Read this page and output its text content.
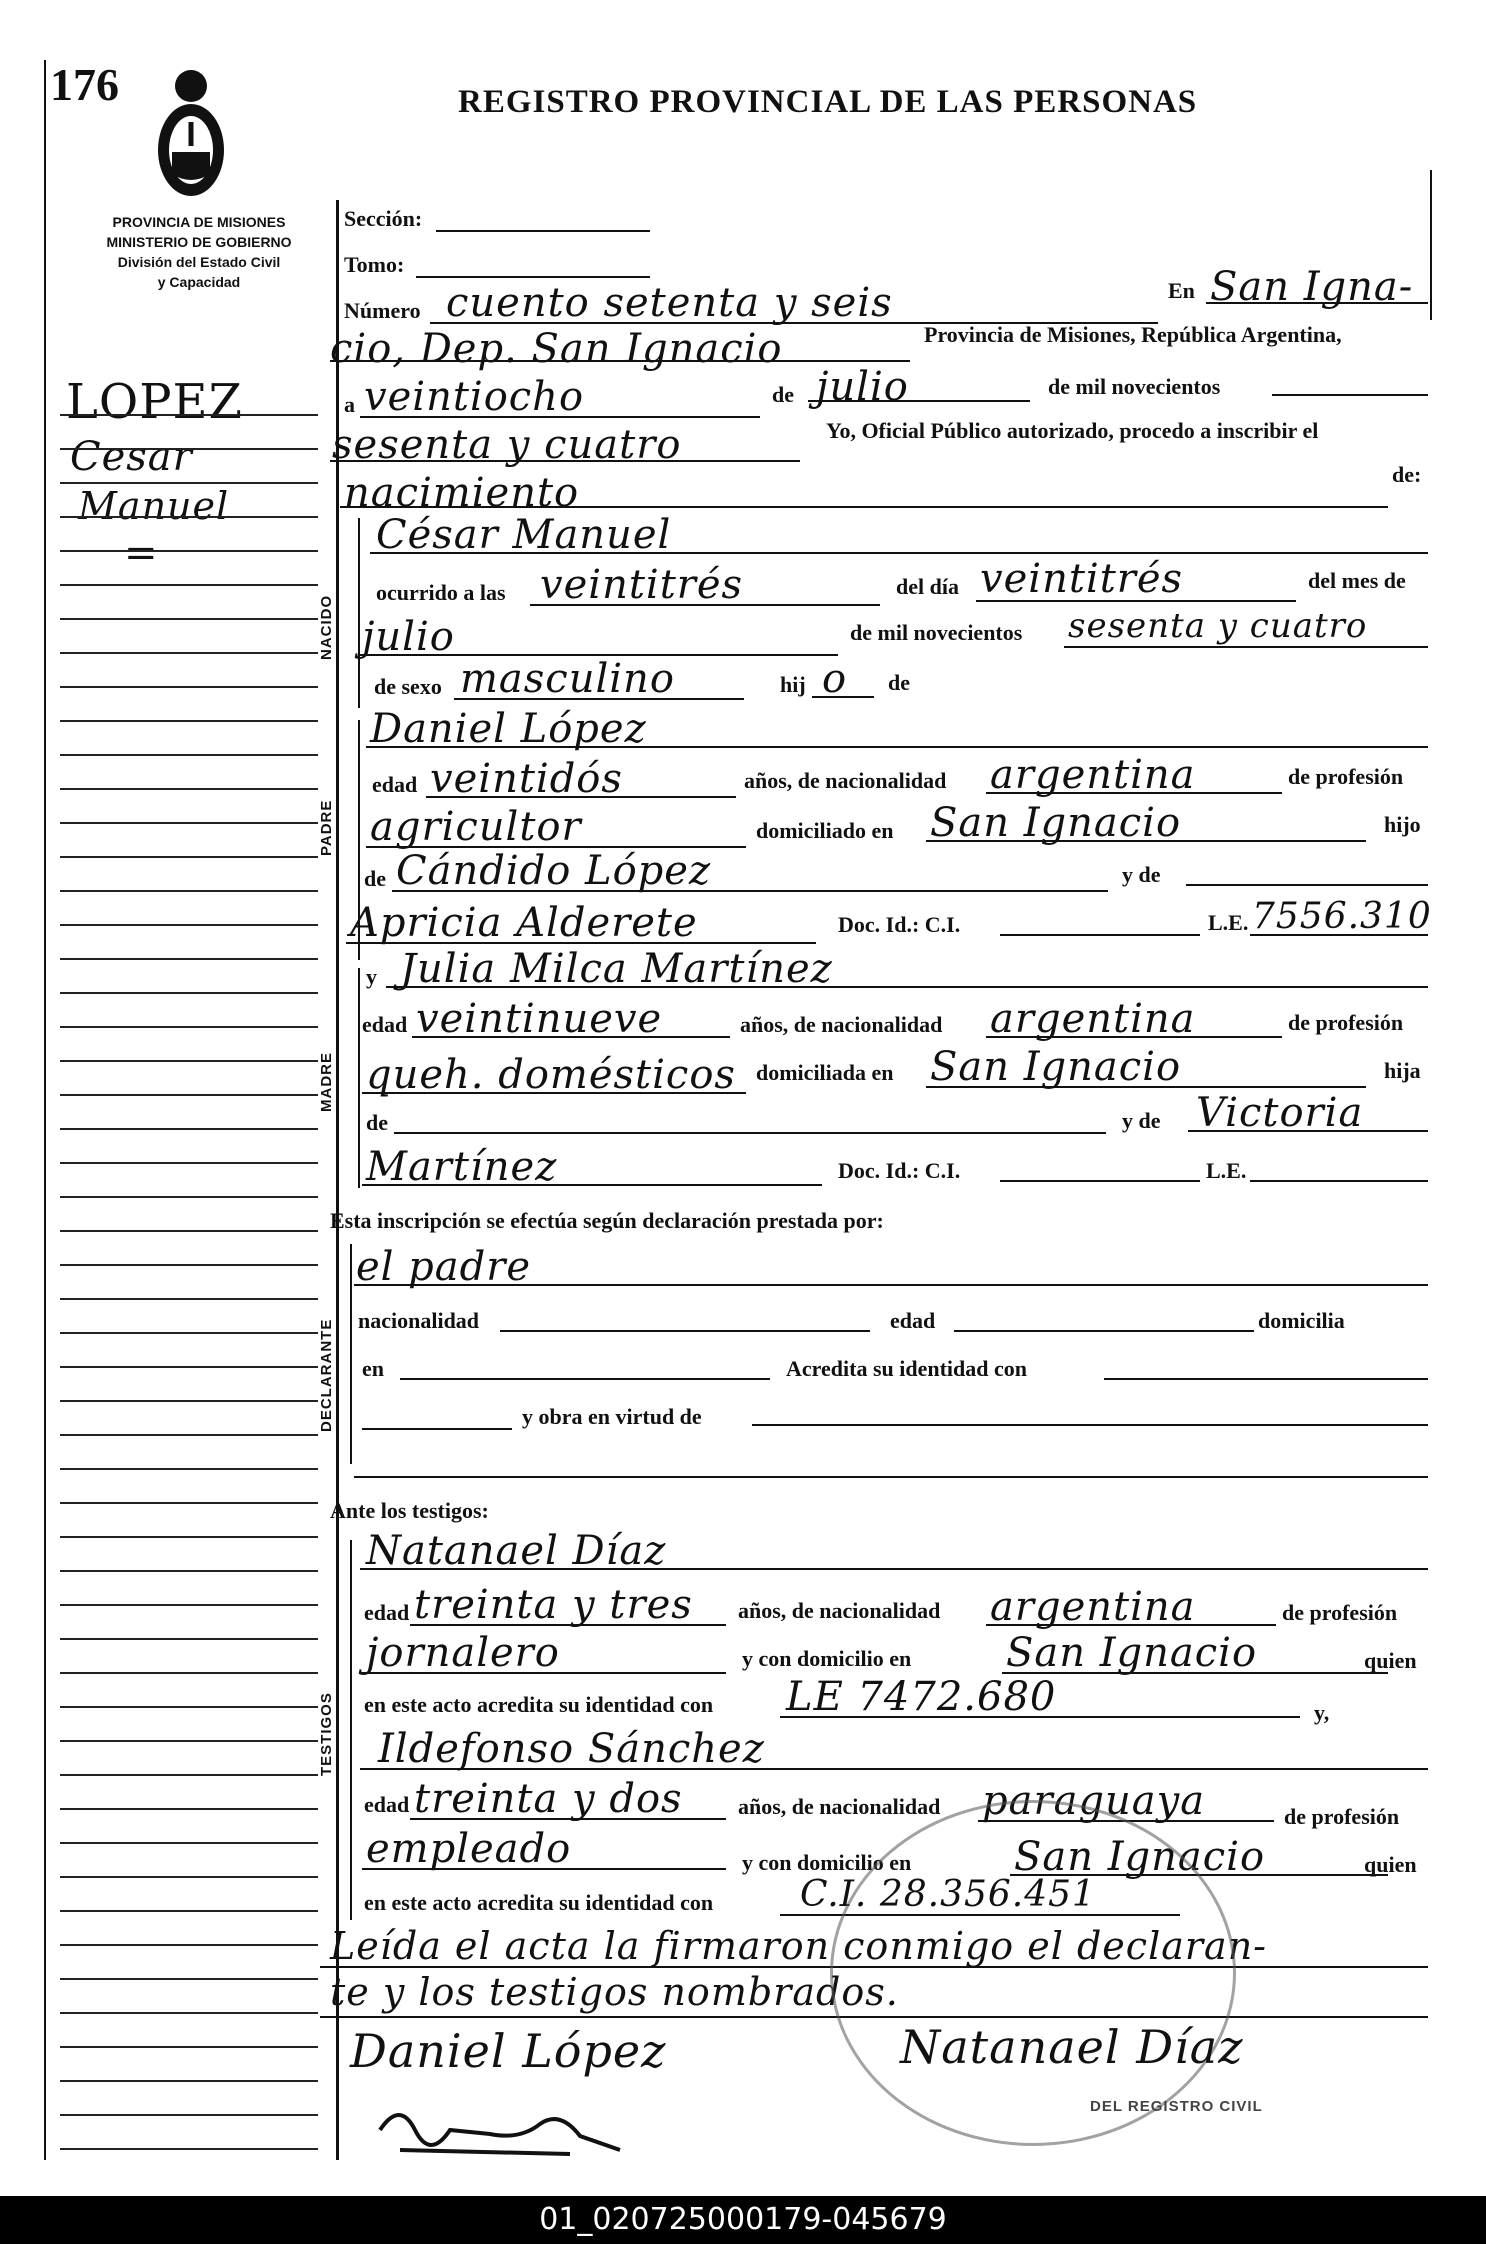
176	REGISTRO PROVINCIAL DE LAS PERSONAS
PROVINCIA DE MISIONES
MINISTERIO DE GOBIERNO
División del Estado Civil
y Capacidad
LOPEZ
Cesar
Manuel
=
Sección:
Tomo:
Número cuento setenta y seis	En San Igna-
cio, Dep. San Ignacio	Provincia de Misiones, República Argentina,
a veintiocho	de julio	de mil novecientos
sesenta y cuatro	Yo, Oficial Público autorizado, procedo a inscribir el
nacimiento	de:
NACIDO
César Manuel
ocurrido a las veintitrés	del día veintitrés	del mes de
julio	de mil novecientos sesenta y cuatro
de sexo masculino	hij o de
PADRE
Daniel López
edad veintidós	años, de nacionalidad argentina	de profesión
agricultor	domiciliado en San Ignacio	hijo
de Cándido López	y de
Apricia Alderete	Doc. Id.: C.I.	L.E. 7556.310
MADRE
y Julia Milca Martínez
edad veintinueve	años, de nacionalidad argentina	de profesión
queh. domésticos domiciliada en San Ignacio	hija
de	y de Victoria
Martínez	Doc. Id.: C.I.	L.E.
Esta inscripción se efectúa según declaración prestada por:
DECLARANTE
el padre
nacionalidad	edad	domicilia
en	Acredita su identidad con
y obra en virtud de
Ante los testigos:
TESTIGOS
Natanael Díaz
edad treinta y tres años, de nacionalidad argentina	de profesión
jornalero	y con domicilio en San Ignacio	quien
en este acto acredita su identidad con LE 7472.680	y,
Ildefonso Sánchez
edad treinta y dos	años, de nacionalidad paraguaya	de profesión
empleado	y con domicilio en	San Ignacio	quien
en este acto acredita su identidad con C.I. 28.356.451
Leída el acta la firmaron conmigo el declaran-
te y los testigos nombrados.
DEL REGISTRO CIVIL
Daniel López	Natanael Díaz
01_020725000179-045679
